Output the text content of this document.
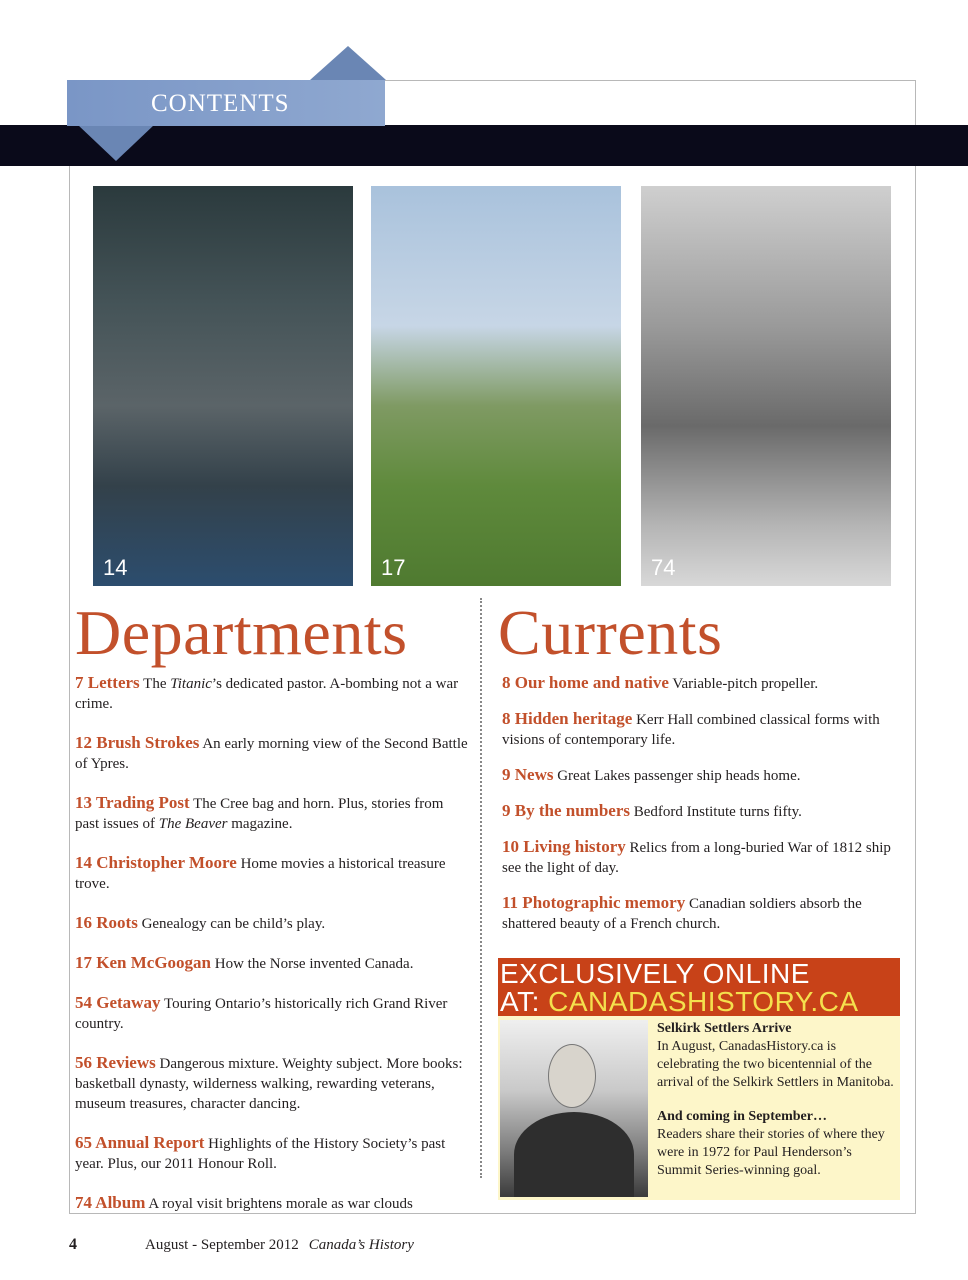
CONTENTS
14	17	74
Departments Currents
7 Letters The Titanic’s dedicated pastor. A-bombing not a war crime.
12 Brush Strokes An early morning view of the Second Battle of Ypres.
13 Trading Post The Cree bag and horn. Plus, stories from past issues of The Beaver magazine.
14 Christopher Moore Home movies a historical treasure trove.
16 Roots Genealogy can be child’s play.
17 Ken McGoogan How the Norse invented Canada.
54 Getaway Touring Ontario’s historically rich Grand River country.
56 Reviews Dangerous mixture. Weighty subject. More books: basketball dynasty, wilderness walking, rewarding veterans, museum treasures, character dancing.
65 Annual Report Highlights of the History Society’s past year. Plus, our 2011 Honour Roll.
74 Album A royal visit brightens morale as war clouds
8 Our home and native Variable-pitch propeller.
8 Hidden heritage Kerr Hall combined classical forms with visions of contemporary life.
9 News Great Lakes passenger ship heads home.
9 By the numbers Bedford Institute turns fifty.
10 Living history Relics from a long-buried War of 1812 ship see the light of day.
11 Photographic memory Canadian soldiers absorb the shattered beauty of a French church.
EXCLUSIVELY ONLINE
AT: CANADASHISTORY.CA

Selkirk Settlers Arrive
In August, CanadasHistory.ca is celebrating the two bicentennial of the arrival of the Selkirk Settlers in Manitoba.

And coming in September…
Readers share their stories of where they were in 1972 for Paul Henderson’s Summit Series-winning goal.

4	August - September 2012 Canada’s History
